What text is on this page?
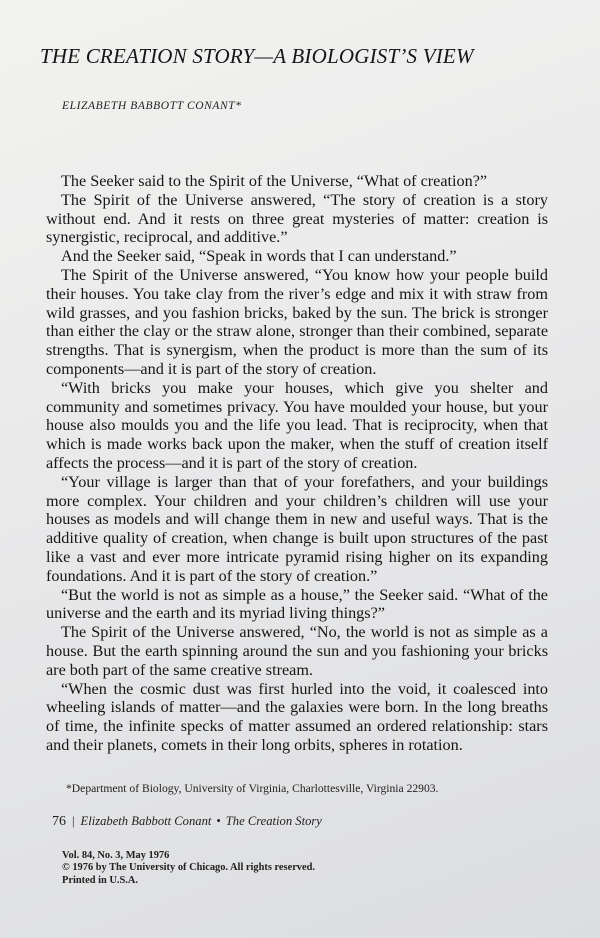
THE CREATION STORY—A BIOLOGIST’S VIEW
ELIZABETH BABBOTT CONANT*

The Seeker said to the Spirit of the Universe, “What of creation?”

The Spirit of the Universe answered, “The story of creation is a story without end. And it rests on three great mysteries of matter: creation is synergistic, reciprocal, and additive.”

And the Seeker said, “Speak in words that I can understand.”

The Spirit of the Universe answered, “You know how your people build their houses. You take clay from the river’s edge and mix it with straw from wild grasses, and you fashion bricks, baked by the sun. The brick is stronger than either the clay or the straw alone, stronger than their combined, separate strengths. That is synergism, when the product is more than the sum of its components—and it is part of the story of creation.

“With bricks you make your houses, which give you shelter and community and sometimes privacy. You have moulded your house, but your house also moulds you and the life you lead. That is reciprocity, when that which is made works back upon the maker, when the stuff of creation itself affects the process—and it is part of the story of creation.

“Your village is larger than that of your forefathers, and your buildings more complex. Your children and your children’s children will use your houses as models and will change them in new and useful ways. That is the additive quality of creation, when change is built upon structures of the past like a vast and ever more intricate pyramid rising higher on its expanding foundations. And it is part of the story of creation.”

“But the world is not as simple as a house,” the Seeker said. “What of the universe and the earth and its myriad living things?”

The Spirit of the Universe answered, “No, the world is not as simple as a house. But the earth spinning around the sun and you fashioning your bricks are both part of the same creative stream.

“When the cosmic dust was first hurled into the void, it coalesced into wheeling islands of matter—and the galaxies were born. In the long breaths of time, the infinite specks of matter assumed an ordered relationship: stars and their planets, comets in their long orbits, spheres in rotation.

*Department of Biology, University of Virginia, Charlottesville, Virginia 22903.
76 | Elizabeth Babbott Conant • The Creation Story
Vol. 84, No. 3, May 1976
© 1976 by The University of Chicago. All rights reserved.
Printed in U.S.A.
